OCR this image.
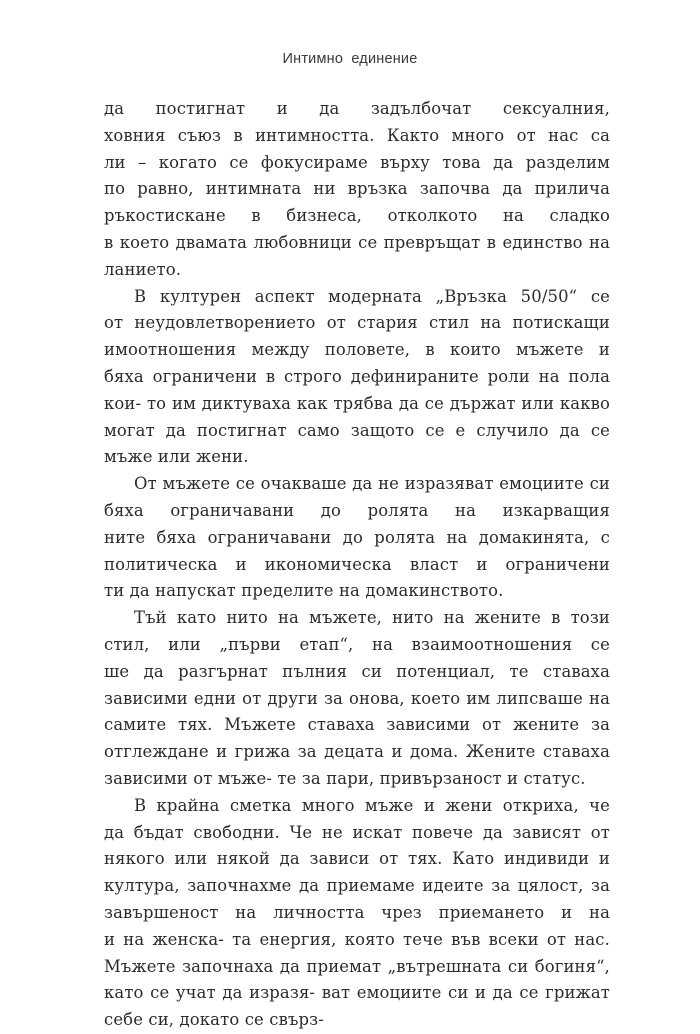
Интимно единение
да постигнат и да задълбочат сексуалния,
ховния съюз в интимността. Както много от нас са
ли – когато се фокусираме върху това да разделим
по равно, интимната ни връзка започва да прилича
ръкостискане в бизнеса, отколкото на сладко
в което двамата любовници се превръщат в единство на
ланието.
В културен аспект модерната „Връзка 50/50“ се
от неудовлетворението от стария стил на потискащи
имоотношения между половете, в които мъжете и
бяха ограничени в строго дефинираните роли на пола
кои- то им диктуваха как трябва да се държат или какво
могат да постигнат само защото се е случило да се
мъже или жени.
От мъжете се очакваше да не изразяват емоциите си
бяха ограничавани до ролята на изкарващия
ните бяха ограничавани до ролята на домакинята, с
политическа и икономическа власт и ограничени
ти да напускат пределите на домакинството.
Тъй като нито на мъжете, нито на жените в този
стил, или „първи етап“, на взаимоотношения се
ше да разгърнат пълния си потенциал, те ставаха
зависими едни от други за онова, което им липсваше на
самите тях. Мъжете ставаха зависими от жените за
отглеждане и грижа за децата и дома. Жените ставаха
зависими от мъже- те за пари, привързаност и статус.
В крайна сметка много мъже и жени откриха, че
да бъдат свободни. Че не искат повече да зависят от
някого или някой да зависи от тях. Като индивиди и
култура, започнахме да приемаме идеите за цялост, за
завършеност на личността чрез приемането и на
и на женска- та енергия, която тече във всеки от нас.
Мъжете започнаха да приемат „вътрешната си богиня“,
като се учат да изразя- ват емоциите си и да се грижат
себе си, докато се свърз-
